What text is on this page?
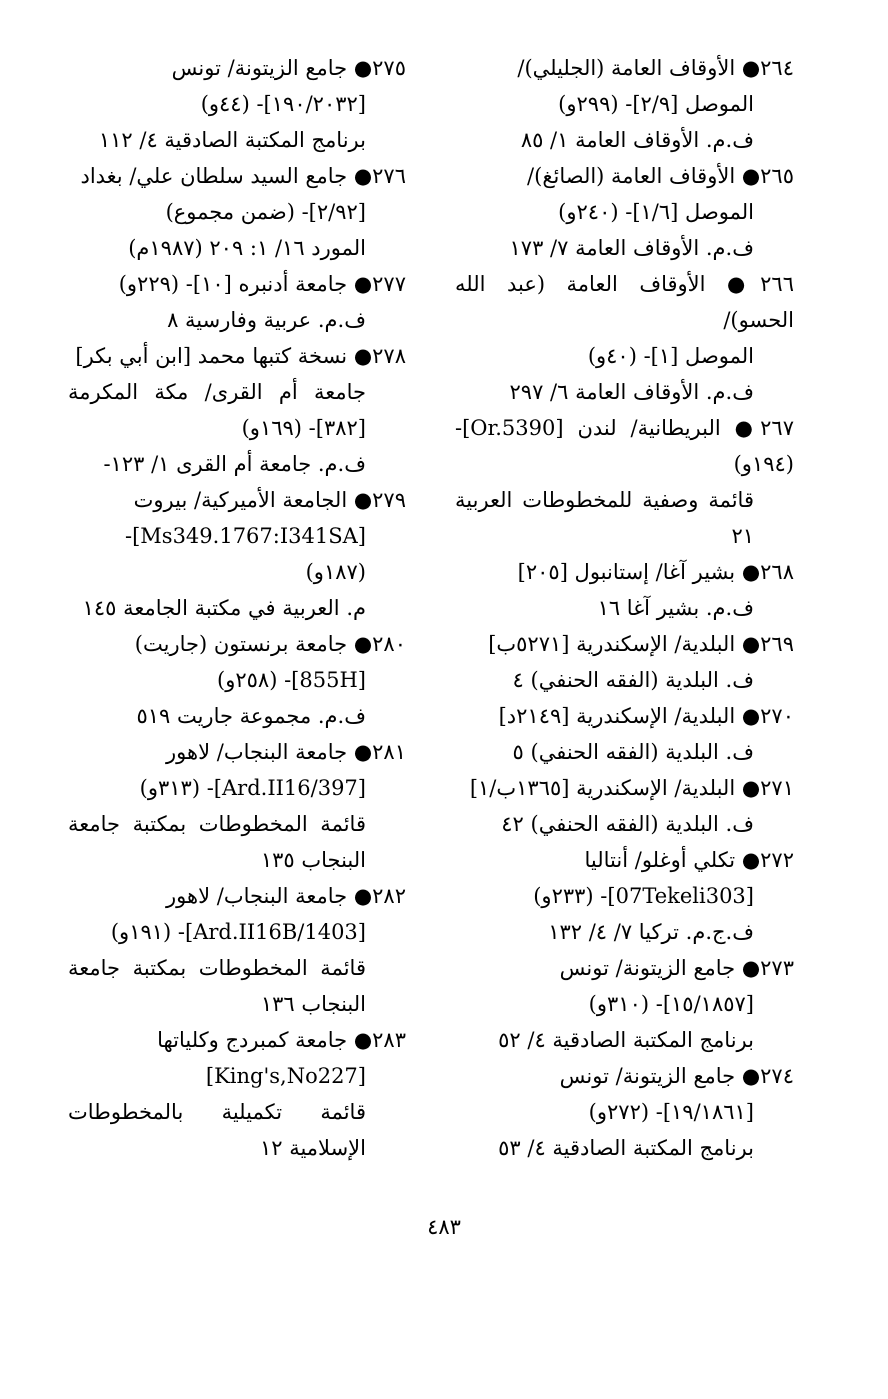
٢٦٤● الأوقاف العامة (الجليلي)/
الموصل [٢/٩]- (٢٩٩و)
ف.م. الأوقاف العامة ١/ ٨٥

٢٦٥● الأوقاف العامة (الصائغ)/
الموصل [١/٦]- (٢٤٠و)
ف.م. الأوقاف العامة ٧/ ١٧٣

٢٦٦● الأوقاف العامة (عبد الله الحسو)/
الموصل [١]- (٤٠و)
ف.م. الأوقاف العامة ٦/ ٢٩٧

٢٦٧● البريطانية/ لندن [Or.5390]- (١٩٤و)
قائمة وصفية للمخطوطات العربية ٢١

٢٦٨● بشير آغا/ إستانبول [٢٠٥]
ف.م. بشير آغا ١٦

٢٦٩● البلدية/ الإسكندرية [٥٢٧١ب]
ف. البلدية (الفقه الحنفي) ٤

٢٧٠● البلدية/ الإسكندرية [٢١٤٩د]
ف. البلدية (الفقه الحنفي) ٥

٢٧١● البلدية/ الإسكندرية [١٣٦٥ب/١]
ف. البلدية (الفقه الحنفي) ٤٢

٢٧٢● تكلي أوغلو/ أنتاليا
[07Tekeli303]- (٢٣٣و)
ف.ج.م. تركيا ٧/ ٤/ ١٣٢

٢٧٣● جامع الزيتونة/ تونس
[١٥/١٨٥٧]- (٣١٠و)
برنامج المكتبة الصادقية ٤/ ٥٢

٢٧٤● جامع الزيتونة/ تونس
[١٩/١٨٦١]- (٢٧٢و)
برنامج المكتبة الصادقية ٤/ ٥٣

٢٧٥● جامع الزيتونة/ تونس
[١٩٠/٢٠٣٢]- (٤٤و)
برنامج المكتبة الصادقية ٤/ ١١٢

٢٧٦● جامع السيد سلطان علي/ بغداد
[٢/٩٢]- (ضمن مجموع)
المورد ١٦/ ١: ٢٠٩ (١٩٨٧م)

٢٧٧● جامعة أدنبره [١٠]- (٢٢٩و)
ف.م. عربية وفارسية ٨

٢٧٨● نسخة كتبها محمد [ابن أبي بكر]
جامعة أم القرى/ مكة المكرمة [٣٨٢]- (١٦٩و)
ف.م. جامعة أم القرى ١/ ١٢٣-

٢٧٩● الجامعة الأميركية/ بيروت
[Ms349.1767:I341SA]- (١٨٧و)
م. العربية في مكتبة الجامعة ١٤٥

٢٨٠● جامعة برنستون (جاريت)
[855H]- (٢٥٨و)
ف.م. مجموعة جاريت ٥١٩

٢٨١● جامعة البنجاب/ لاهور
[Ard.II16/397]- (٣١٣و)
قائمة المخطوطات بمكتبة جامعة البنجاب ١٣٥

٢٨٢● جامعة البنجاب/ لاهور
[Ard.II16B/1403]- (١٩١و)
قائمة المخطوطات بمكتبة جامعة البنجاب ١٣٦

٢٨٣● جامعة كمبردج وكلياتها
[King's,No227]
قائمة تكميلية بالمخطوطات الإسلامية ١٢

٤٨٣
